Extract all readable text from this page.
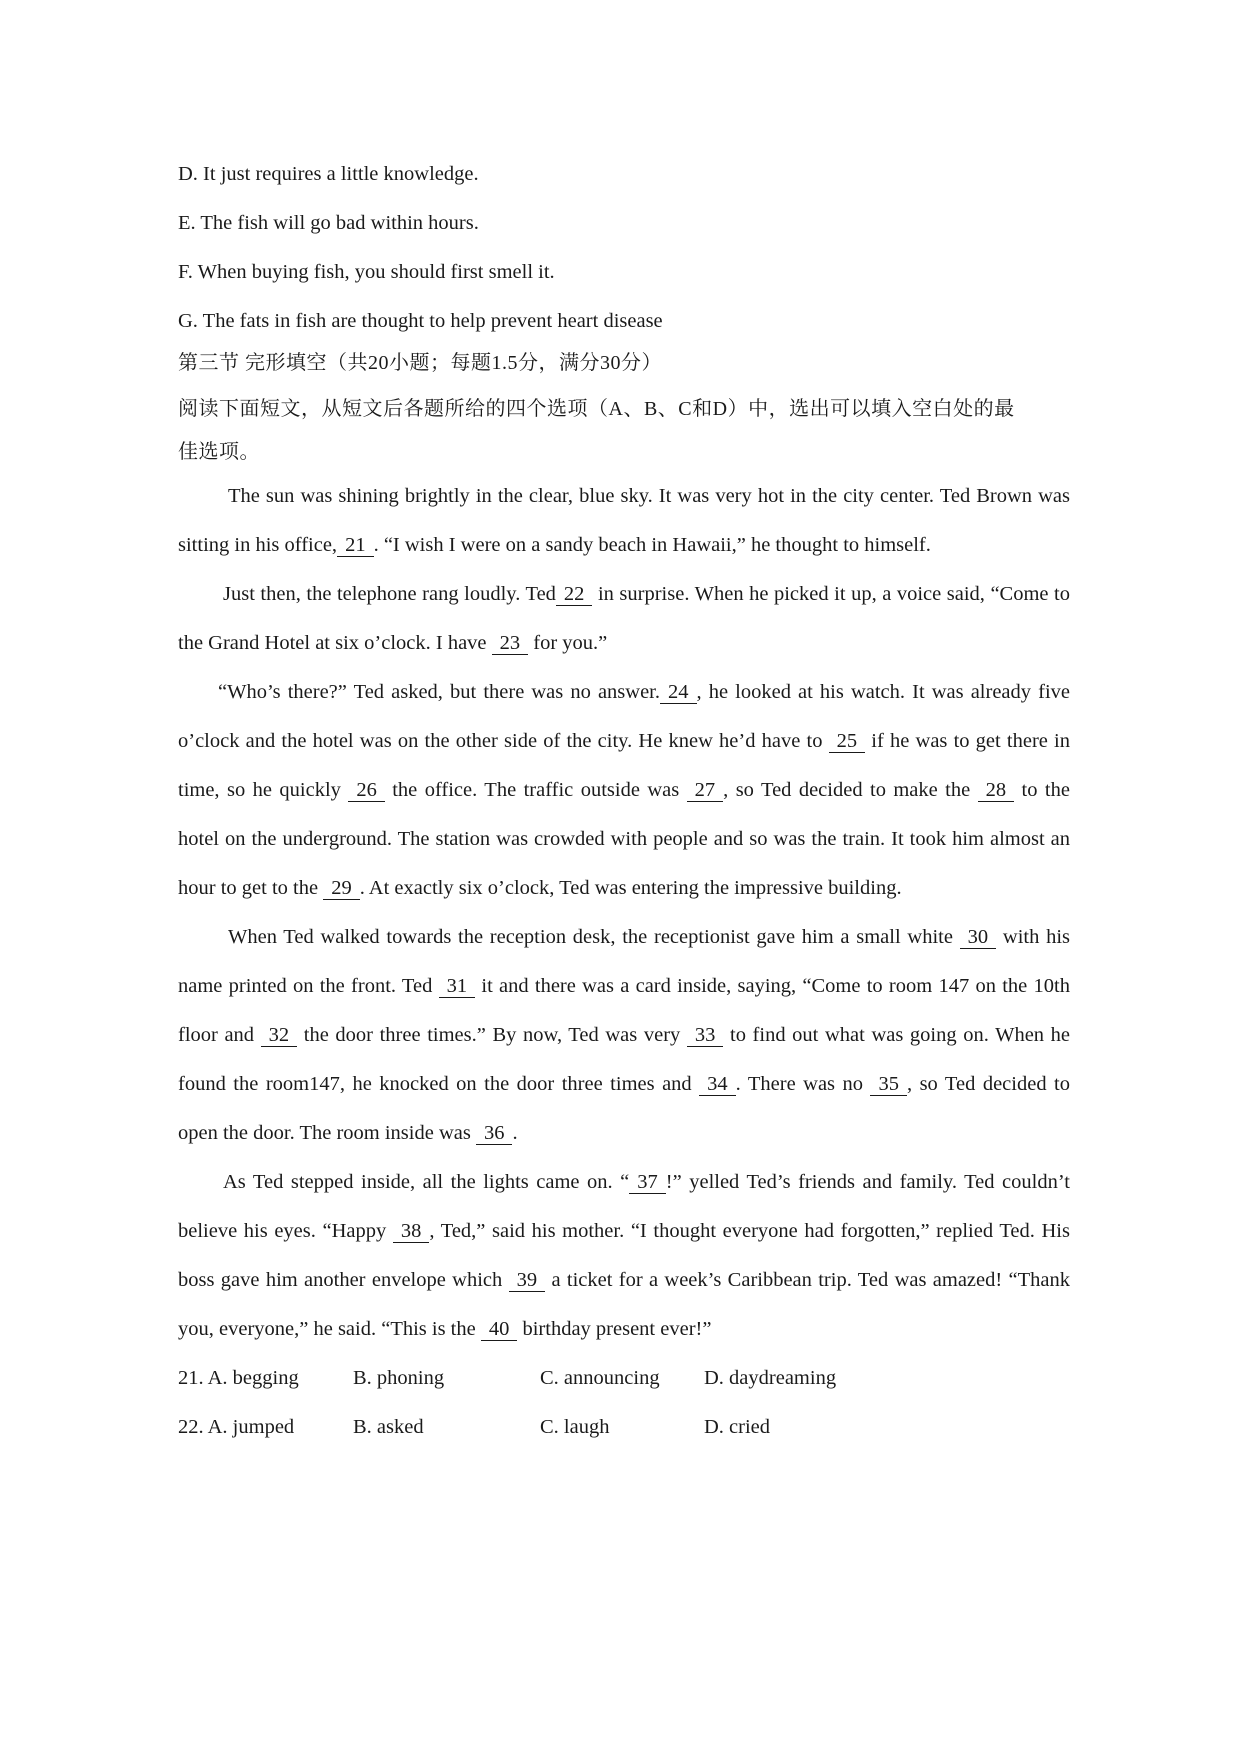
D. It just requires a little knowledge.
E. The fish will go bad within hours.
F. When buying fish, you should first smell it.
G. The fats in fish are thought to help prevent heart disease
第三节 完形填空（共20小题；每题1.5分，满分30分）
阅读下面短文，从短文后各题所给的四个选项（A、B、C和D）中，选出可以填入空白处的最
佳选项。

The sun was shining brightly in the clear, blue sky. It was very hot in the city center. Ted Brown was sitting in his office, 21 . “I wish I were on a sandy beach in Hawaii,” he thought to himself.

Just then, the telephone rang loudly. Ted 22 in surprise. When he picked it up, a voice said, “Come to the Grand Hotel at six o’clock. I have 23 for you.”

“Who’s there?” Ted asked, but there was no answer. 24 , he looked at his watch. It was already five o’clock and the hotel was on the other side of the city. He knew he’d have to 25 if he was to get there in time, so he quickly 26 the office. The traffic outside was 27 , so Ted decided to make the 28 to the hotel on the underground. The station was crowded with people and so was the train. It took him almost an hour to get to the 29 . At exactly six o’clock, Ted was entering the impressive building.

When Ted walked towards the reception desk, the receptionist gave him a small white 30 with his name printed on the front. Ted 31 it and there was a card inside, saying, “Come to room 147 on the 10th floor and 32 the door three times.” By now, Ted was very 33 to find out what was going on. When he found the room147, he knocked on the door three times and 34 . There was no 35 , so Ted decided to open the door. The room inside was 36 .

As Ted stepped inside, all the lights came on. “ 37 !” yelled Ted’s friends and family. Ted couldn’t believe his eyes. “Happy 38 , Ted,” said his mother. “I thought everyone had forgotten,” replied Ted. His boss gave him another envelope which 39 a ticket for a week’s Caribbean trip. Ted was amazed! “Thank you, everyone,” he said. “This is the 40 birthday present ever!”

21. A. begging	B. phoning	C. announcing D. daydreaming
22. A. jumped	B. asked	C. laugh	D. cried
